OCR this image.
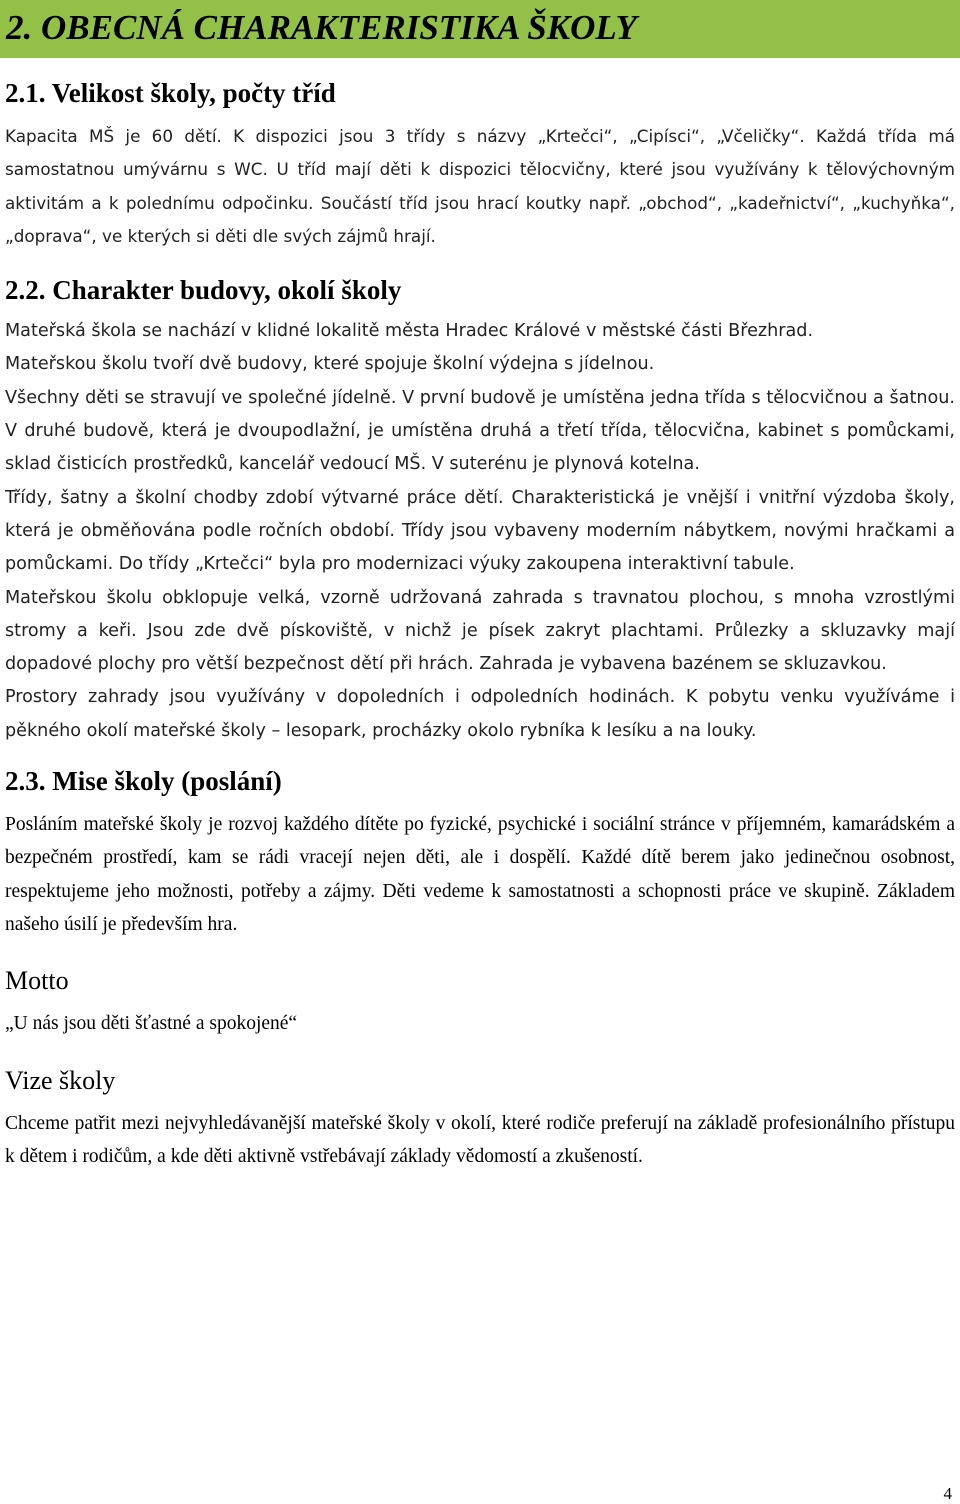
2. OBECNÁ CHARAKTERISTIKA ŠKOLY
2.1. Velikost školy, počty tříd

Kapacita MŠ je 60 dětí. K dispozici jsou 3 třídy s názvy „Krtečci“, „Cipísci“, „Včeličky“. Každá třída má samostatnou umývárnu s WC. U tříd mají děti k dispozici tělocvičny, které jsou využívány k tělovýchovným aktivitám a k polednímu odpočinku. Součástí tříd jsou hrací koutky např. „obchod“, „kadeřnictví“, „kuchyňka“, „doprava“, ve kterých si děti dle svých zájmů hrají.

2.2. Charakter budovy, okolí školy

Mateřská škola se nachází v klidné lokalitě města Hradec Králové v městské části Březhrad.

Mateřskou školu tvoří dvě budovy, které spojuje školní výdejna s jídelnou.

Všechny děti se stravují ve společné jídelně. V první budově je umístěna jedna třída s tělocvičnou a šatnou. V druhé budově, která je dvoupodlažní, je umístěna druhá a třetí třída, tělocvična, kabinet s pomůckami, sklad čisticích prostředků, kancelář vedoucí MŠ. V suterénu je plynová kotelna.

Třídy, šatny a školní chodby zdobí výtvarné práce dětí. Charakteristická je vnější i vnitřní výzdoba školy, která je obměňována podle ročních období. Třídy jsou vybaveny moderním nábytkem, novými hračkami a pomůckami. Do třídy „Krtečci“ byla pro modernizaci výuky zakoupena interaktivní tabule.

Mateřskou školu obklopuje velká, vzorně udržovaná zahrada s travnatou plochou, s mnoha vzrostlými stromy a keři. Jsou zde dvě pískoviště, v nichž je písek zakryt plachtami. Průlezky a skluzavky mají dopadové plochy pro větší bezpečnost dětí při hrách. Zahrada je vybavena bazénem se skluzavkou.

Prostory zahrady jsou využívány v dopoledních i odpoledních hodinách. K pobytu venku využíváme i pěkného okolí mateřské školy – lesopark, procházky okolo rybníka k lesíku a na louky.

2.3. Mise školy (poslání)

Posláním mateřské školy je rozvoj každého dítěte po fyzické, psychické i sociální stránce v příjemném, kamarádském a bezpečném prostředí, kam se rádi vracejí nejen děti, ale i dospělí. Každé dítě berem jako jedinečnou osobnost, respektujeme jeho možnosti, potřeby a zájmy. Děti vedeme k samostatnosti a schopnosti práce ve skupině. Základem našeho úsilí je především hra.

Motto

„U nás jsou děti šťastné a spokojené“

Vize školy

Chceme patřit mezi nejvyhledávanější mateřské školy v okolí, které rodiče preferují na základě profesionálního přístupu k dětem i rodičům, a kde děti aktivně vstřebávají základy vědomostí a zkušeností.

4
